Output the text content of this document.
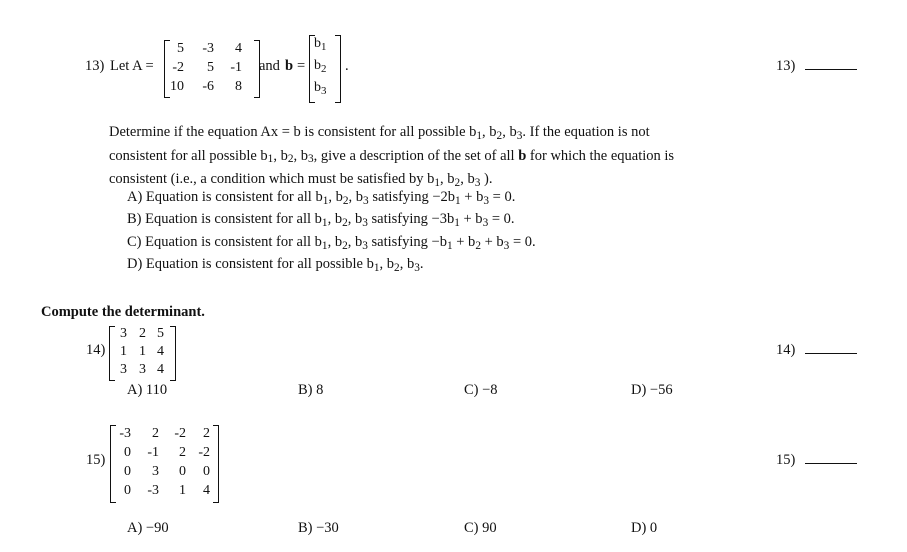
13) Let A =
5	-3	4
-2	5	-1
10	-6	8
and b =
b1
b2
b3
.	13)
Determine if the equation Ax = b is consistent for all possible b1, b2, b3. If the equation is not
consistent for all possible b1, b2, b3, give a description of the set of all b for which the equation is
consistent (i.e., a condition which must be satisfied by b1, b2, b3 ).
A) Equation is consistent for all b1, b2, b3 satisfying −2b1 + b3 = 0.
B) Equation is consistent for all b1, b2, b3 satisfying −3b1 + b3 = 0.
C) Equation is consistent for all b1, b2, b3 satisfying −b1 + b2 + b3 = 0.
D) Equation is consistent for all possible b1, b2, b3.
Compute the determinant.
14)
3 2 5
1 1 4
3 3 4
14)
A) 110	B) 8	C) −8	D) −56
15)
-3	2	-2	2
0	-1	2 -2
0	3	0	0
0	-3	1	4
15)
A) −90	B) −30	C) 90	D) 0
